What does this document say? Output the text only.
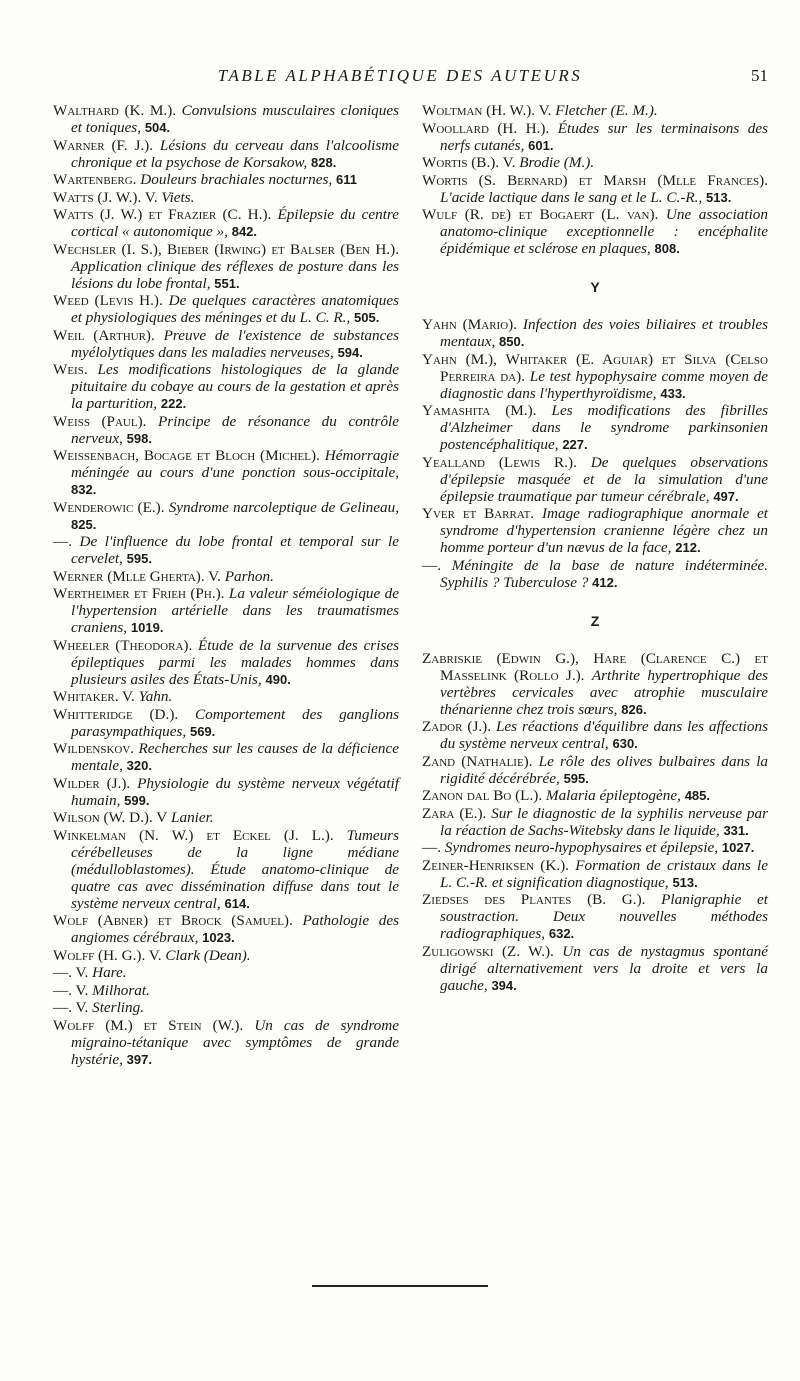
TABLE ALPHABÉTIQUE DES AUTEURS	51

Walthard (K. M.). Convulsions musculaires cloniques et toniques, 504.

Warner (F. J.). Lésions du cerveau dans l'alcoolisme chronique et la psychose de Korsakow, 828.

Wartenberg. Douleurs brachiales nocturnes, 611

Watts (J. W.). V. Viets.

Watts (J. W.) et Frazier (C. H.). Épilepsie du centre cortical « autonomique », 842.

Wechsler (I. S.), Bieber (Irwing) et Balser (Ben H.). Application clinique des réflexes de posture dans les lésions du lobe frontal, 551.

Weed (Levis H.). De quelques caractères anatomiques et physiologiques des méninges et du L. C. R., 505.

Weil (Arthur). Preuve de l'existence de substances myélolytiques dans les maladies nerveuses, 594.

Weis. Les modifications histologiques de la glande pituitaire du cobaye au cours de la gestation et après la parturition, 222.

Weiss (Paul). Principe de résonance du contrôle nerveux, 598.

Weissenbach, Bocage et Bloch (Michel). Hémorragie méningée au cours d'une ponction sous-occipitale, 832.

Wenderowic (E.). Syndrome narcoleptique de Gelineau, 825.

—. De l'influence du lobe frontal et temporal sur le cervelet, 595.

Werner (Mlle Gherta). V. Parhon.

Wertheimer et Frieh (Ph.). La valeur séméiologique de l'hypertension artérielle dans les traumatismes craniens, 1019.

Wheeler (Theodora). Étude de la survenue des crises épileptiques parmi les malades hommes dans plusieurs asiles des États-Unis, 490.

Whitaker. V. Yahn.

Whitteridge (D.). Comportement des ganglions parasympathiques, 569.

Wildenskov. Recherches sur les causes de la déficience mentale, 320.

Wilder (J.). Physiologie du système nerveux végétatif humain, 599.

Wilson (W. D.). V Lanier.

Winkelman (N. W.) et Eckel (J. L.). Tumeurs cérébelleuses de la ligne médiane (médulloblastomes). Étude anatomo-clinique de quatre cas avec dissémination diffuse dans tout le système nerveux central, 614.

Wolf (Abner) et Brock (Samuel). Pathologie des angiomes cérébraux, 1023.

Wolff (H. G.). V. Clark (Dean).

—. V. Hare.

—. V. Milhorat.

—. V. Sterling.

Wolff (M.) et Stein (W.). Un cas de syndrome migraino-tétanique avec symptômes de grande hystérie, 397.

Woltman (H. W.). V. Fletcher (E. M.).

Woollard (H. H.). Études sur les terminaisons des nerfs cutanés, 601.

Wortis (B.). V. Brodie (M.).

Wortis (S. Bernard) et Marsh (Mlle Frances). L'acide lactique dans le sang et le L. C.-R., 513.

Wulf (R. de) et Bogaert (L. van). Une association anatomo-clinique exceptionnelle : encéphalite épidémique et sclérose en plaques, 808.

Y

Yahn (Mario). Infection des voies biliaires et troubles mentaux, 850.

Yahn (M.), Whitaker (E. Aguiar) et Silva (Celso Perreira da). Le test hypophysaire comme moyen de diagnostic dans l'hyperthyroïdisme, 433.

Yamashita (M.). Les modifications des fibrilles d'Alzheimer dans le syndrome parkinsonien postencéphalitique, 227.

Yealland (Lewis R.). De quelques observations d'épilepsie masquée et de la simulation d'une épilepsie traumatique par tumeur cérébrale, 497.

Yver et Barrat. Image radiographique anormale et syndrome d'hypertension cranienne légère chez un homme porteur d'un nævus de la face, 212.

—. Méningite de la base de nature indéterminée. Syphilis ? Tuberculose ? 412.

Z

Zabriskie (Edwin G.), Hare (Clarence C.) et Masselink (Rollo J.). Arthrite hypertrophique des vertèbres cervicales avec atrophie musculaire thénarienne chez trois sœurs, 826.

Zador (J.). Les réactions d'équilibre dans les affections du système nerveux central, 630.

Zand (Nathalie). Le rôle des olives bulbaires dans la rigidité décérébrée, 595.

Zanon dal Bo (L.). Malaria épileptogène, 485.

Zara (E.). Sur le diagnostic de la syphilis nerveuse par la réaction de Sachs-Witebsky dans le liquide, 331.

—. Syndromes neuro-hypophysaires et épilepsie, 1027.

Zeiner-Henriksen (K.). Formation de cristaux dans le L. C.-R. et signification diagnostique, 513.

Ziedses des Plantes (B. G.). Planigraphie et soustraction. Deux nouvelles méthodes radiographiques, 632.

Zuligowski (Z. W.). Un cas de nystagmus spontané dirigé alternativement vers la droite et vers la gauche, 394.
